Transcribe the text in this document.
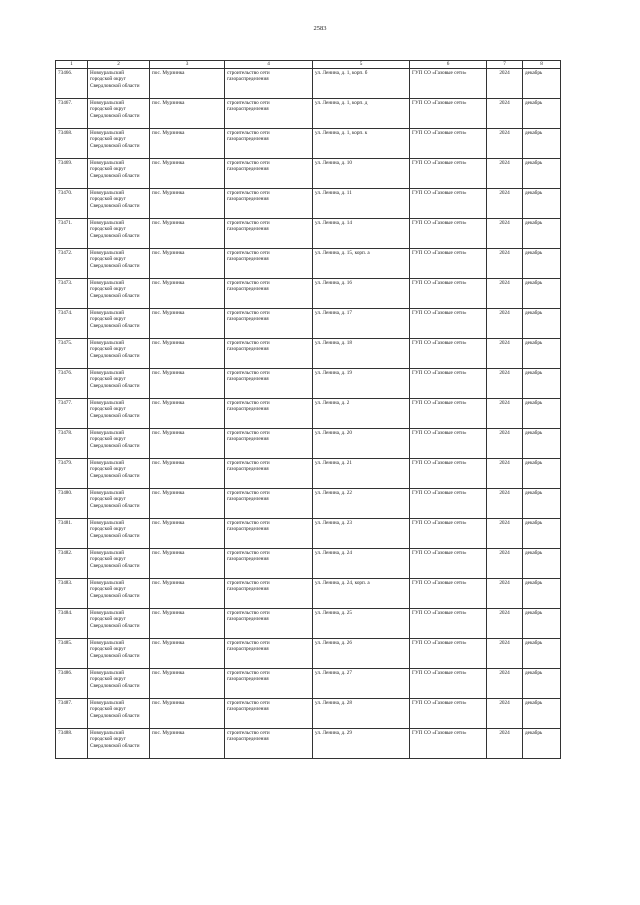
2583
1	2	3	4	5	6	7	8
73466.	Новоуральский городской округ Свердловской области	пос. Мурзинка	строительство сети газораспределения	ул. Ленина, д. 1, корп. б	ГУП СО «Газовые сети»	2024	декабрь
73467.	Новоуральский городской округ Свердловской области	пос. Мурзинка	строительство сети газораспределения	ул. Ленина, д. 1, корп. д	ГУП СО «Газовые сети»	2024	декабрь
73468.	Новоуральский городской округ Свердловской области	пос. Мурзинка	строительство сети газораспределения	ул. Ленина, д. 1, корп. к	ГУП СО «Газовые сети»	2024	декабрь
73469.	Новоуральский городской округ Свердловской области	пос. Мурзинка	строительство сети газораспределения	ул. Ленина, д. 10	ГУП СО «Газовые сети»	2024	декабрь
73470.	Новоуральский городской округ Свердловской области	пос. Мурзинка	строительство сети газораспределения	ул. Ленина, д. 11	ГУП СО «Газовые сети»	2024	декабрь
73471.	Новоуральский городской округ Свердловской области	пос. Мурзинка	строительство сети газораспределения	ул. Ленина, д. 14	ГУП СО «Газовые сети»	2024	декабрь
73472.	Новоуральский городской округ Свердловской области	пос. Мурзинка	строительство сети газораспределения	ул. Ленина, д. 15, корп. а	ГУП СО «Газовые сети»	2024	декабрь
73473.	Новоуральский городской округ Свердловской области	пос. Мурзинка	строительство сети газораспределения	ул. Ленина, д. 16	ГУП СО «Газовые сети»	2024	декабрь
73474.	Новоуральский городской округ Свердловской области	пос. Мурзинка	строительство сети газораспределения	ул. Ленина, д. 17	ГУП СО «Газовые сети»	2024	декабрь
73475.	Новоуральский городской округ Свердловской области	пос. Мурзинка	строительство сети газораспределения	ул. Ленина, д. 18	ГУП СО «Газовые сети»	2024	декабрь
73476.	Новоуральский городской округ Свердловской области	пос. Мурзинка	строительство сети газораспределения	ул. Ленина, д. 19	ГУП СО «Газовые сети»	2024	декабрь
73477.	Новоуральский городской округ Свердловской области	пос. Мурзинка	строительство сети газораспределения	ул. Ленина, д. 2	ГУП СО «Газовые сети»	2024	декабрь
73478.	Новоуральский городской округ Свердловской области	пос. Мурзинка	строительство сети газораспределения	ул. Ленина, д. 20	ГУП СО «Газовые сети»	2024	декабрь
73479.	Новоуральский городской округ Свердловской области	пос. Мурзинка	строительство сети газораспределения	ул. Ленина, д. 21	ГУП СО «Газовые сети»	2024	декабрь
73480.	Новоуральский городской округ Свердловской области	пос. Мурзинка	строительство сети газораспределения	ул. Ленина, д. 22	ГУП СО «Газовые сети»	2024	декабрь
73481.	Новоуральский городской округ Свердловской области	пос. Мурзинка	строительство сети газораспределения	ул. Ленина, д. 23	ГУП СО «Газовые сети»	2024	декабрь
73482.	Новоуральский городской округ Свердловской области	пос. Мурзинка	строительство сети газораспределения	ул. Ленина, д. 24	ГУП СО «Газовые сети»	2024	декабрь
73483.	Новоуральский городской округ Свердловской области	пос. Мурзинка	строительство сети газораспределения	ул. Ленина, д. 24, корп. а	ГУП СО «Газовые сети»	2024	декабрь
73484.	Новоуральский городской округ Свердловской области	пос. Мурзинка	строительство сети газораспределения	ул. Ленина, д. 25	ГУП СО «Газовые сети»	2024	декабрь
73485.	Новоуральский городской округ Свердловской области	пос. Мурзинка	строительство сети газораспределения	ул. Ленина, д. 26	ГУП СО «Газовые сети»	2024	декабрь
73486.	Новоуральский городской округ Свердловской области	пос. Мурзинка	строительство сети газораспределения	ул. Ленина, д. 27	ГУП СО «Газовые сети»	2024	декабрь
73487.	Новоуральский городской округ Свердловской области	пос. Мурзинка	строительство сети газораспределения	ул. Ленина, д. 28	ГУП СО «Газовые сети»	2024	декабрь
73488.	Новоуральский городской округ Свердловской области	пос. Мурзинка	строительство сети газораспределения	ул. Ленина, д. 29	ГУП СО «Газовые сети»	2024	декабрь
